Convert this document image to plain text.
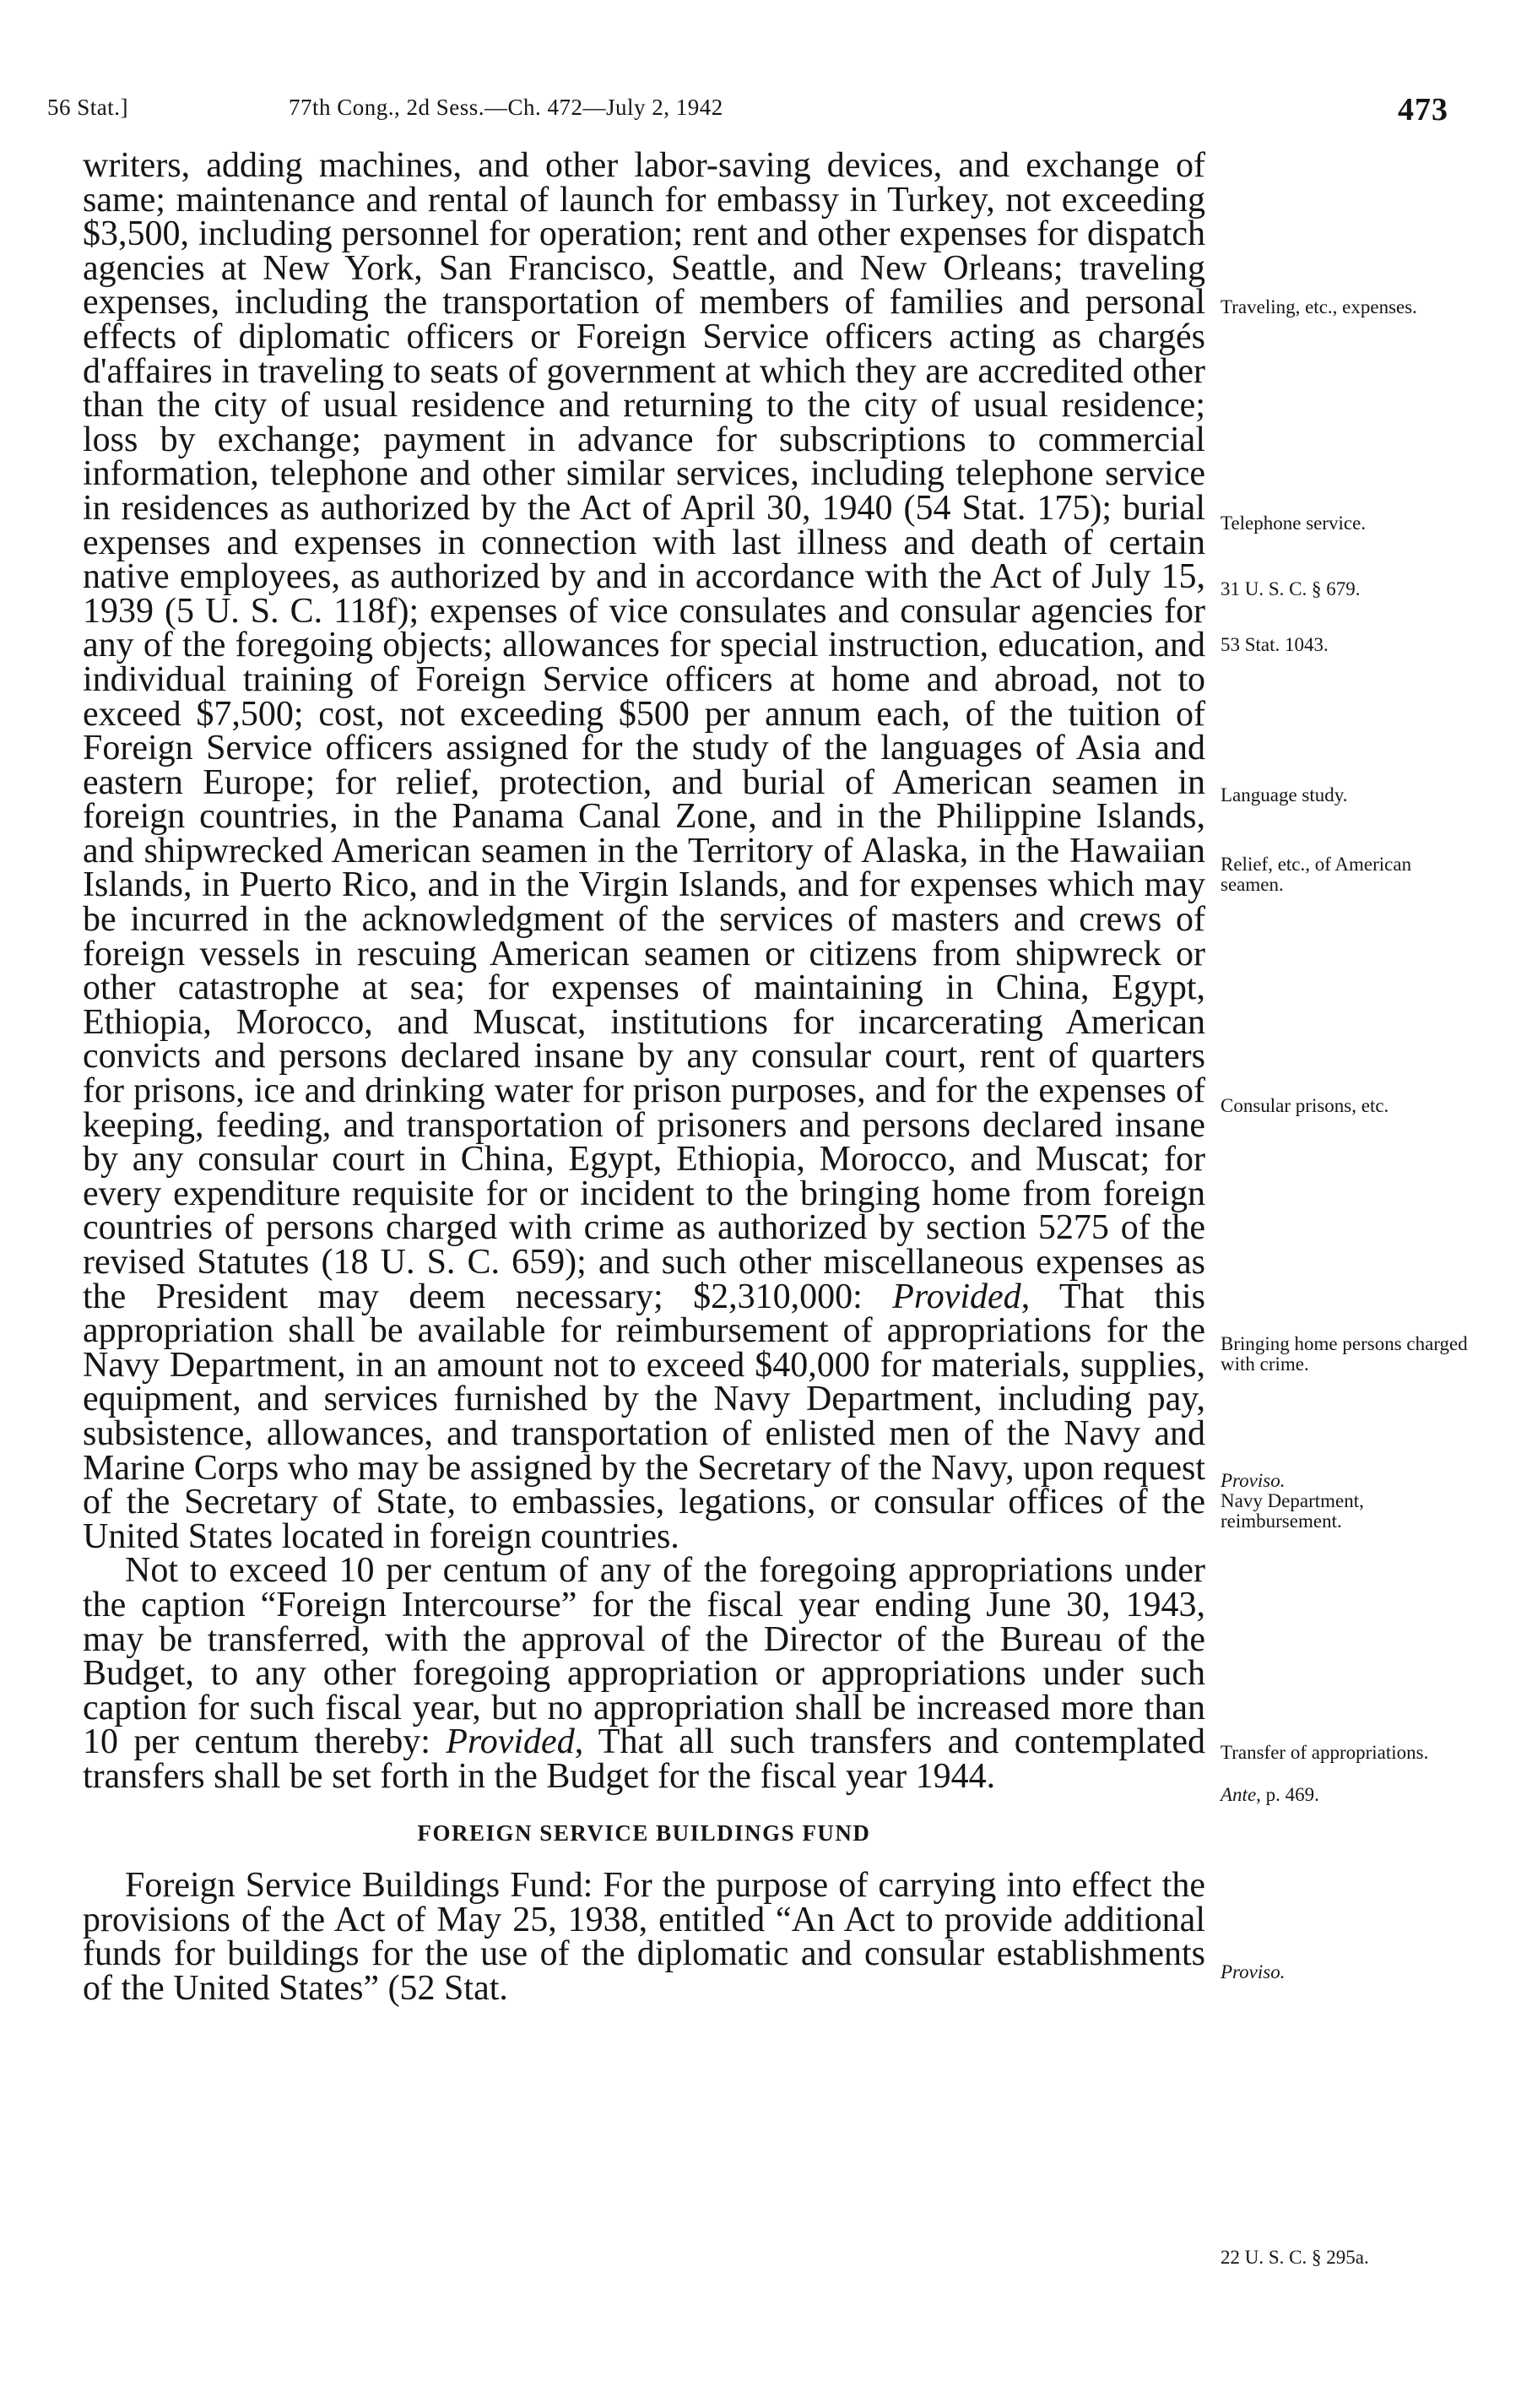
56 Stat.]	77th Cong., 2d Sess.—Ch. 472—July 2, 1942	473

writers, adding machines, and other labor-saving devices, and exchange of same; maintenance and rental of launch for embassy in Turkey, not exceeding $3,500, including personnel for operation; rent and other expenses for dispatch agencies at New York, San Francisco, Seattle, and New Orleans; traveling expenses, including the transportation of members of families and personal effects of diplomatic officers or Foreign Service officers acting as chargés d'affaires in traveling to seats of government at which they are accredited other than the city of usual residence and returning to the city of usual residence; loss by exchange; payment in advance for subscriptions to commercial information, telephone and other similar services, including telephone service in residences as authorized by the Act of April 30, 1940 (54 Stat. 175); burial expenses and expenses in connection with last illness and death of certain native employees, as authorized by and in accordance with the Act of July 15, 1939 (5 U. S. C. 118f); expenses of vice consulates and consular agencies for any of the foregoing objects; allowances for special instruction, education, and individual training of Foreign Service officers at home and abroad, not to exceed $7,500; cost, not exceeding $500 per annum each, of the tuition of Foreign Service officers assigned for the study of the languages of Asia and eastern Europe; for relief, protection, and burial of American seamen in foreign countries, in the Panama Canal Zone, and in the Philippine Islands, and shipwrecked American seamen in the Territory of Alaska, in the Hawaiian Islands, in Puerto Rico, and in the Virgin Islands, and for expenses which may be incurred in the acknowledgment of the services of masters and crews of foreign vessels in rescuing American seamen or citizens from shipwreck or other catastrophe at sea; for expenses of maintaining in China, Egypt, Ethiopia, Morocco, and Muscat, institutions for incarcerating American convicts and persons declared insane by any consular court, rent of quarters for prisons, ice and drinking water for prison purposes, and for the expenses of keeping, feeding, and transportation of prisoners and persons declared insane by any consular court in China, Egypt, Ethiopia, Morocco, and Muscat; for every expenditure requisite for or incident to the bringing home from foreign countries of persons charged with crime as authorized by section 5275 of the revised Statutes (18 U. S. C. 659); and such other miscellaneous expenses as the President may deem necessary; $2,310,000: Provided, That this appropriation shall be available for reimbursement of appropriations for the Navy Department, in an amount not to exceed $40,000 for materials, supplies, equipment, and services furnished by the Navy Department, including pay, subsistence, allowances, and transportation of enlisted men of the Navy and Marine Corps who may be assigned by the Secretary of the Navy, upon request of the Secretary of State, to embassies, legations, or consular offices of the United States located in foreign countries.

Not to exceed 10 per centum of any of the foregoing appropriations under the caption “Foreign Intercourse” for the fiscal year ending June 30, 1943, may be transferred, with the approval of the Director of the Bureau of the Budget, to any other foregoing appropriation or appropriations under such caption for such fiscal year, but no appropriation shall be increased more than 10 per centum thereby: Provided, That all such transfers and contemplated transfers shall be set forth in the Budget for the fiscal year 1944.

FOREIGN SERVICE BUILDINGS FUND

Foreign Service Buildings Fund: For the purpose of carrying into effect the provisions of the Act of May 25, 1938, entitled “An Act to provide additional funds for buildings for the use of the diplomatic and consular establishments of the United States” (52 Stat.

Traveling, etc., expenses.
Telephone service.
31 U. S. C. § 679.
53 Stat. 1043.
Language study.
Relief, etc., of American seamen.
Consular prisons, etc.
Bringing home persons charged with crime.
Proviso.
Navy Department, reimbursement.
Transfer of appropriations.
Ante, p. 469.
Proviso.
22 U. S. C. § 295a.
